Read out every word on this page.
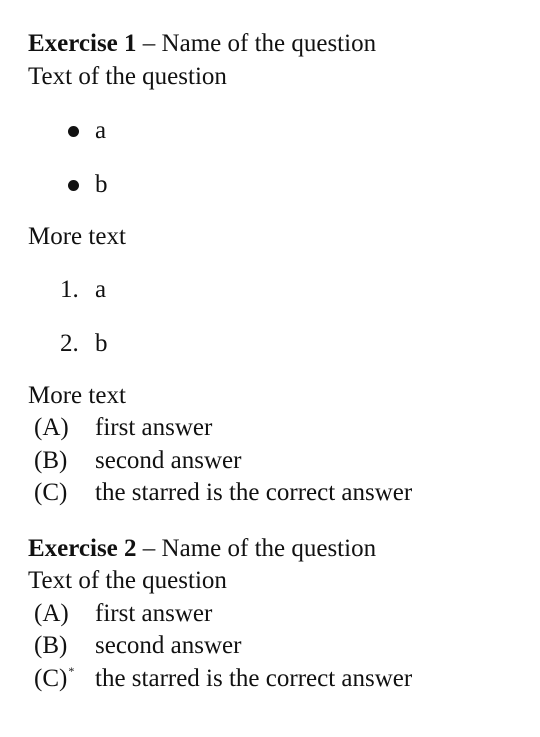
Exercise 1 – Name of the question
Text of the question
a
b
More text
1. a
2. b
More text
(A) first answer
(B) second answer
(C) the starred is the correct answer
Exercise 2 – Name of the question
Text of the question
(A) first answer
(B) second answer
(C)* the starred is the correct answer
